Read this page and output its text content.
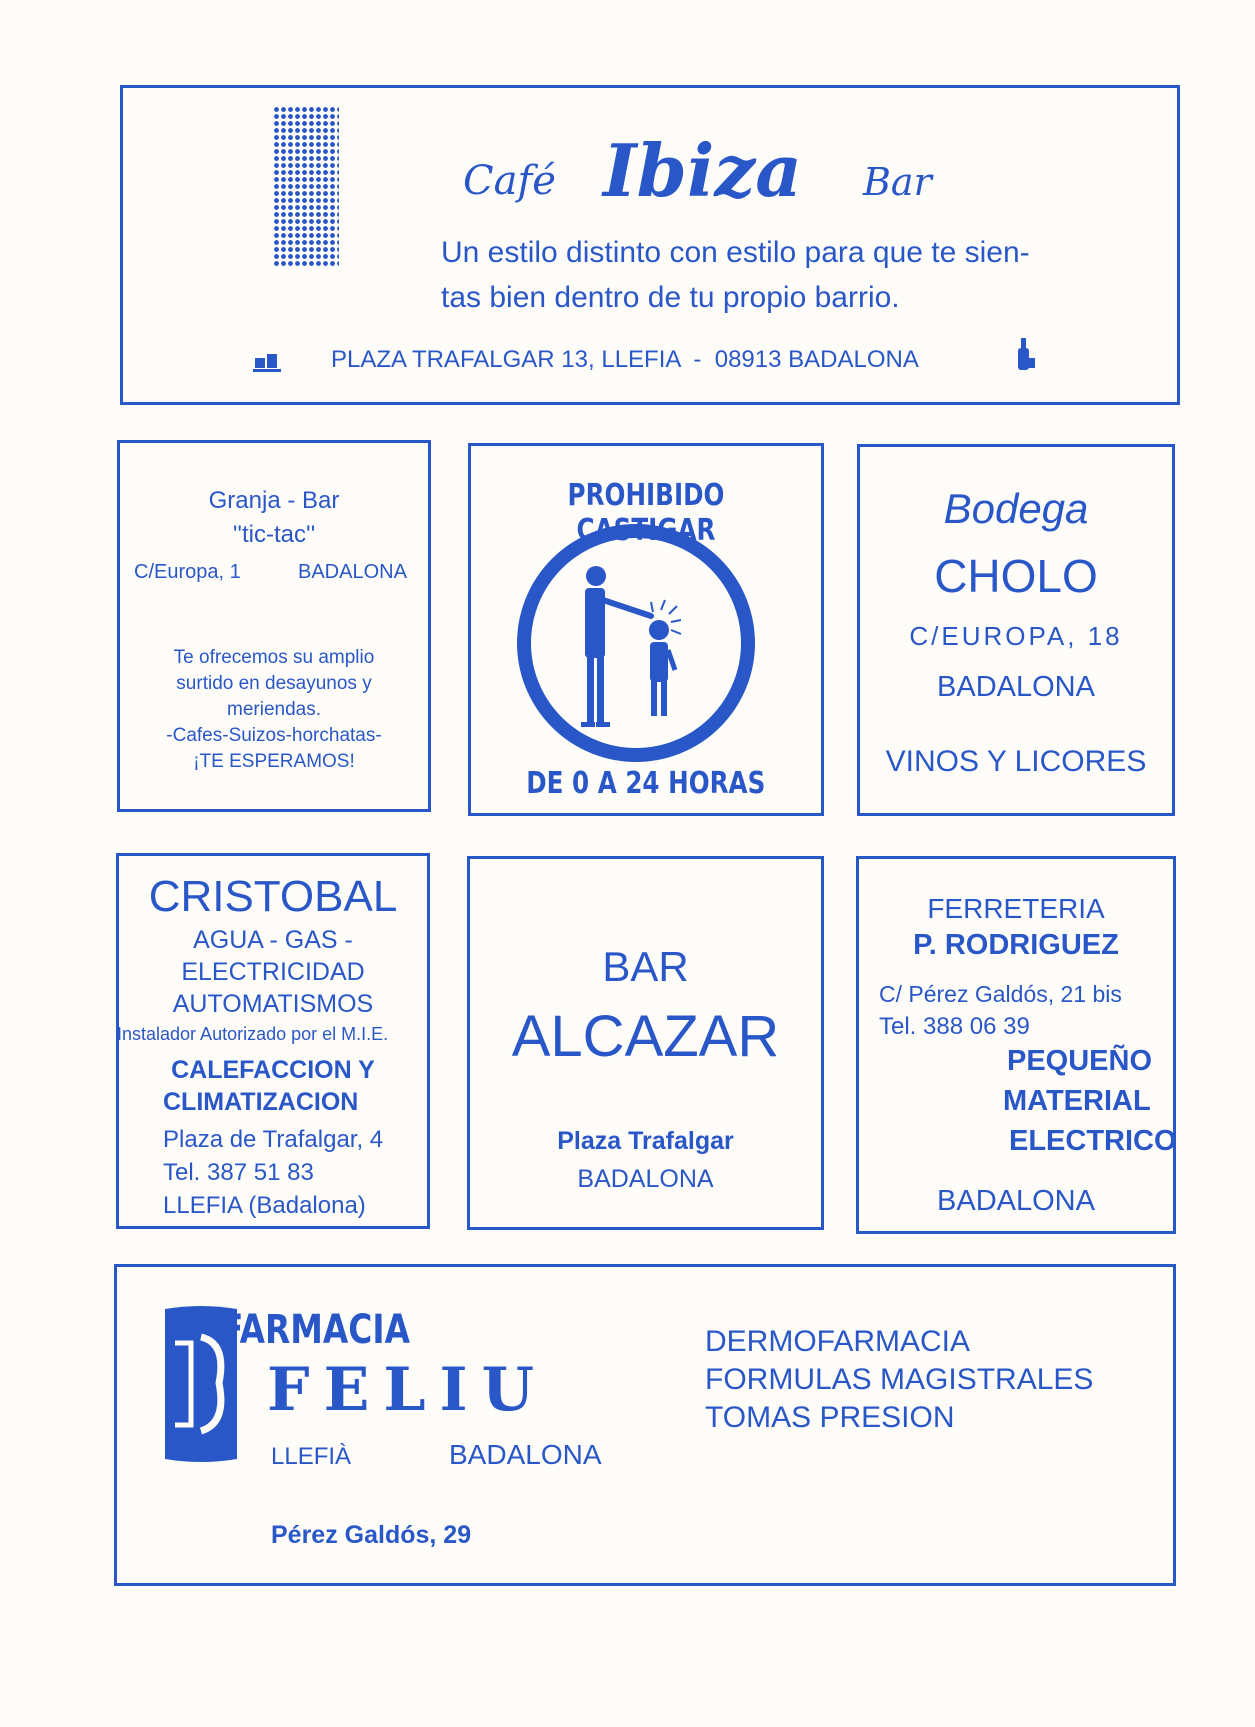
Café Ibiza Bar
Un estilo distinto con estilo para que te sien-
tas bien dentro de tu propio barrio.
PLAZA TRAFALGAR 13, LLEFIA  -  08913 BADALONA
Granja - Bar
''tic-tac''
C/Europa, 1	BADALONA
Te ofrecemos su amplio
surtido en desayunos y
meriendas.
-Cafes-Suizos-horchatas-
¡TE ESPERAMOS!
PROHIBIDO CASTIGAR
DE 0 A 24 HORAS
Bodega
CHOLO
C/EUROPA, 18
BADALONA
VINOS Y LICORES
CRISTOBAL
AGUA - GAS -
ELECTRICIDAD
AUTOMATISMOS
Instalador Autorizado por el M.I.E.
CALEFACCION Y
CLIMATIZACION
Plaza de Trafalgar, 4
Tel. 387 51 83
LLEFIA (Badalona)
BAR
ALCAZAR
Plaza Trafalgar
BADALONA
FERRETERIA
P. RODRIGUEZ
C/ Pérez Galdós, 21 bis
Tel. 388 06 39
PEQUEÑO
MATERIAL
ELECTRICO
BADALONA
FARMACIA
FELIU
LLEFIÀ	BADALONA
Pérez Galdós, 29
DERMOFARMACIA
FORMULAS MAGISTRALES
TOMAS PRESION
